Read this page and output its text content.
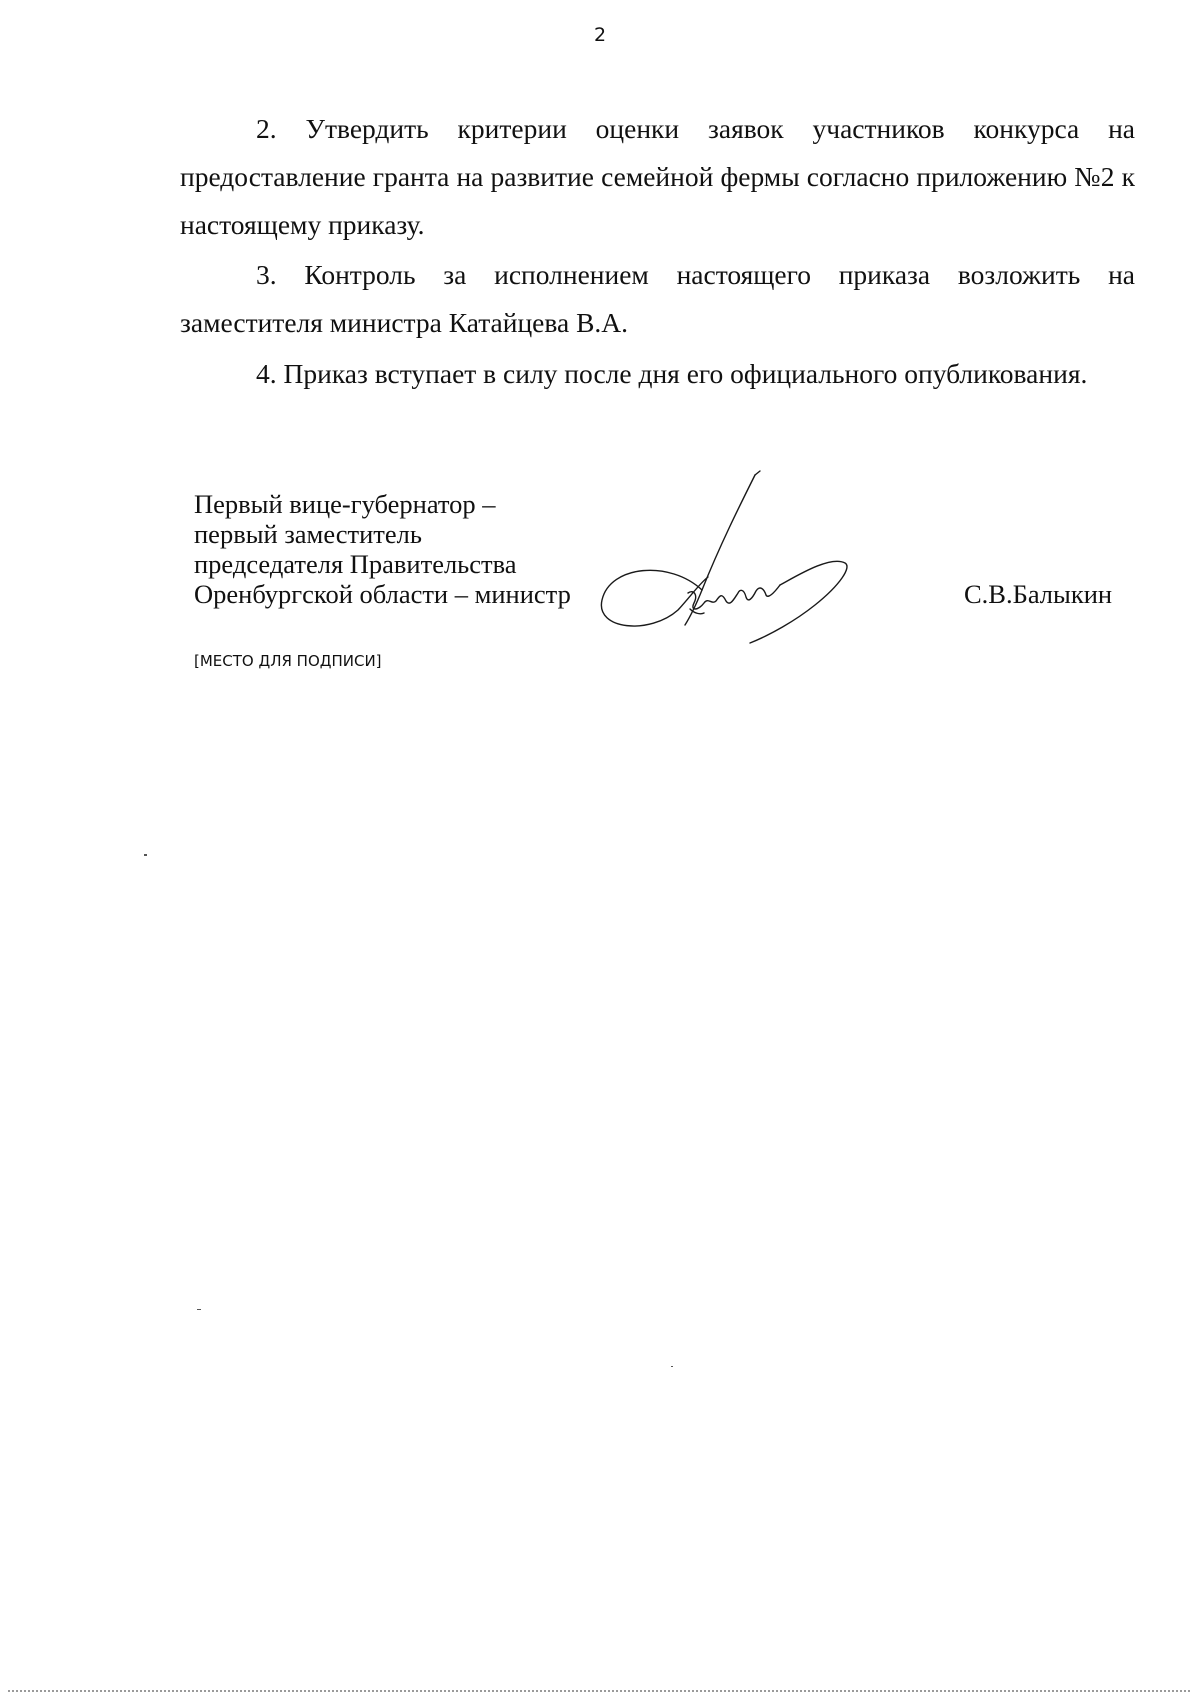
2

2. Утвердить критерии оценки заявок участников конкурса на предоставление гранта на развитие семейной фермы согласно приложению №2 к настоящему приказу.

3. Контроль за исполнением настоящего приказа возложить на заместителя министра Катайцева В.А.

4. Приказ вступает в силу после дня его официального опубликования.

Первый вице-губернатор –
первый заместитель
председателя Правительства
Оренбургской области – министр	С.В.Балыкин
[МЕСТО ДЛЯ ПОДПИСИ]
